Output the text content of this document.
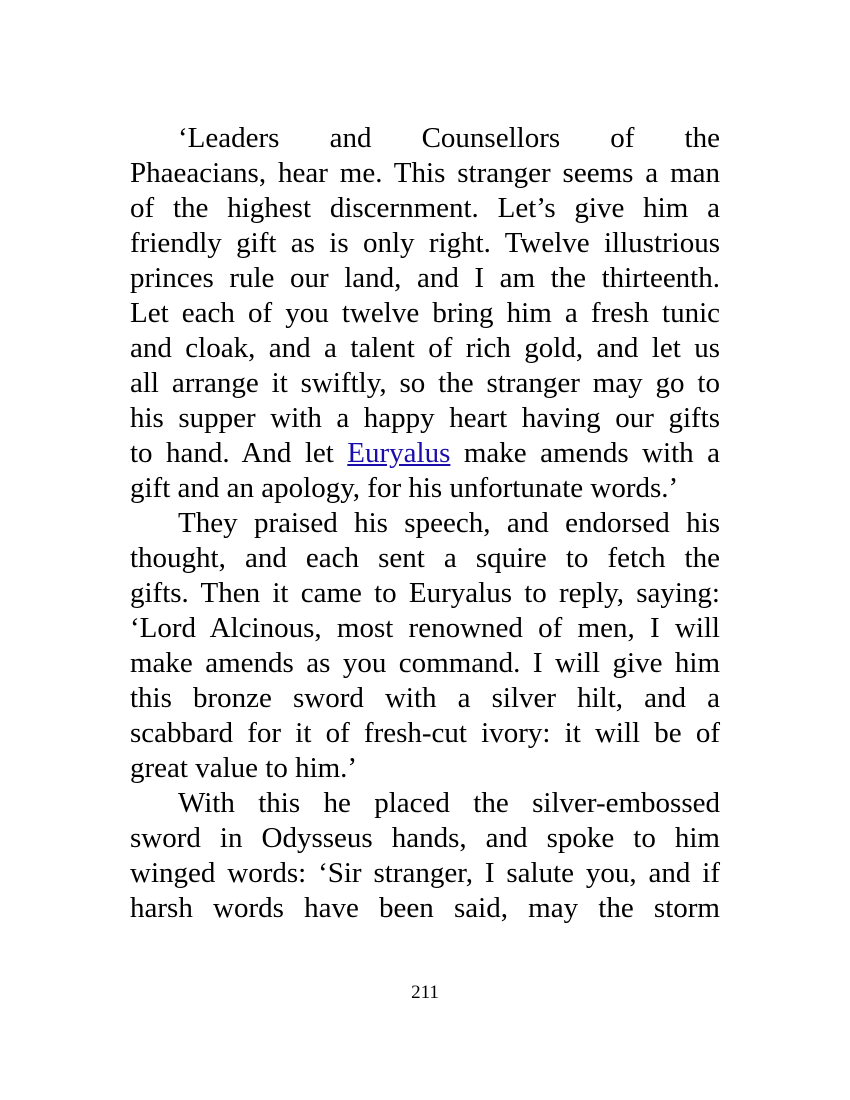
‘Leaders and Counsellors of the
Phaeacians, hear me. This stranger seems a man
of the highest discernment. Let’s give him a
friendly gift as is only right. Twelve illustrious
princes rule our land, and I am the thirteenth.
Let each of you twelve bring him a fresh tunic
and cloak, and a talent of rich gold, and let us
all arrange it swiftly, so the stranger may go to
his supper with a happy heart having our gifts
to hand. And let Euryalus make amends with a
gift and an apology, for his unfortunate words.’
They praised his speech, and endorsed his
thought, and each sent a squire to fetch the
gifts. Then it came to Euryalus to reply, saying:
‘Lord Alcinous, most renowned of men, I will
make amends as you command. I will give him
this bronze sword with a silver hilt, and a
scabbard for it of fresh-cut ivory: it will be of
great value to him.’
With this he placed the silver-embossed
sword in Odysseus hands, and spoke to him
winged words: ‘Sir stranger, I salute you, and if
harsh words have been said, may the storm
211
